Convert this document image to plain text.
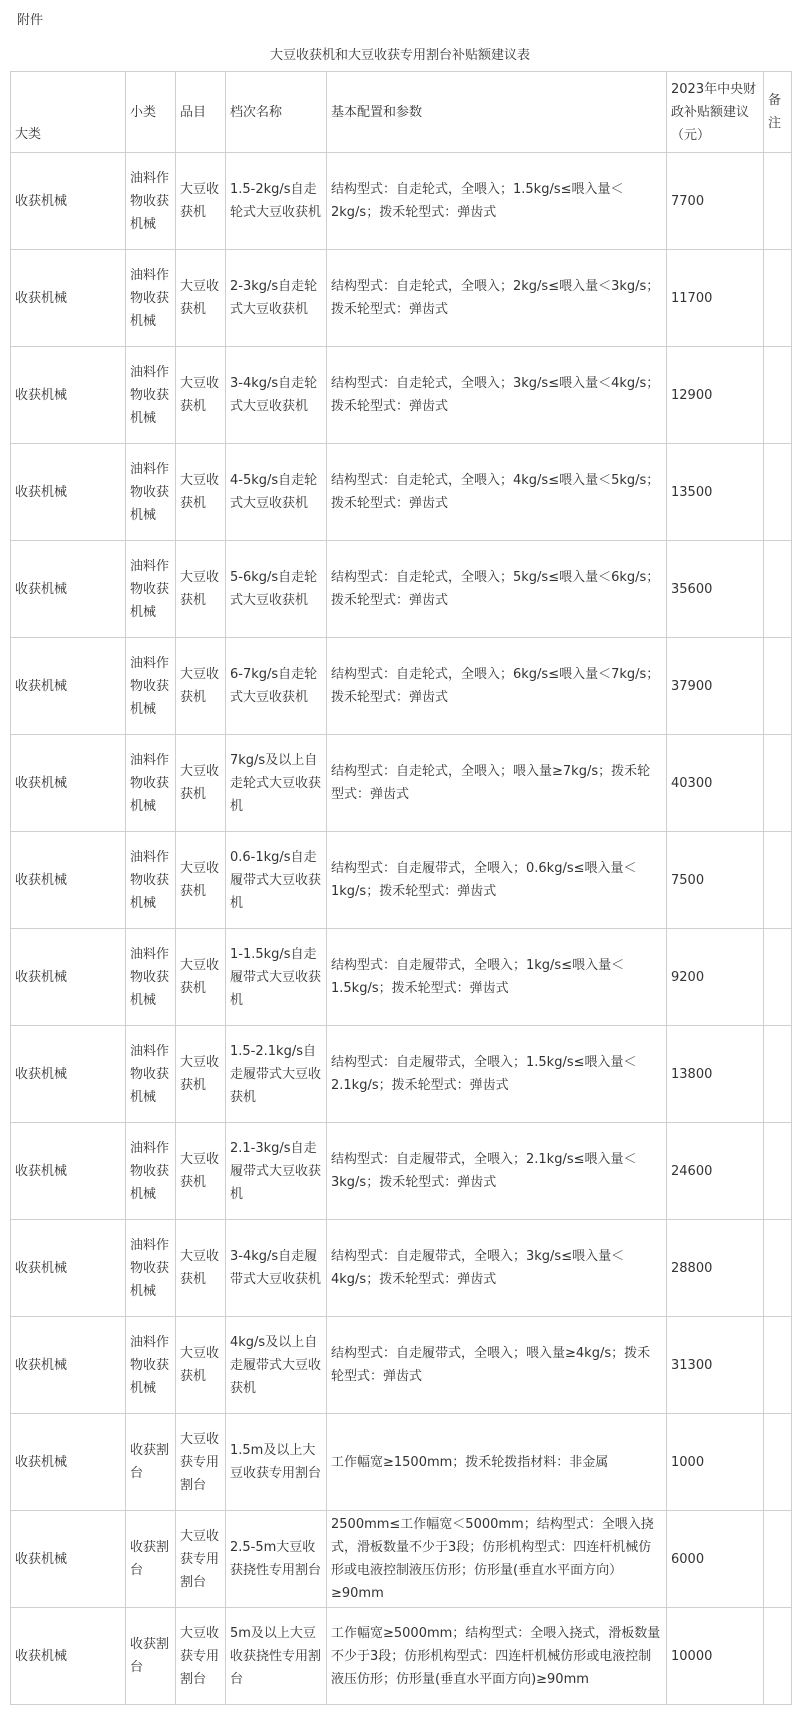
附件
大豆收获机和大豆收获专用割台补贴额建议表
大类	小类	品目	档次名称	基本配置和参数	2023年中央财政补贴额建议（元）	备注
收获机械	油料作物收获机械	大豆收获机	1.5-2kg/s自走轮式大豆收获机	结构型式：自走轮式，全喂入；1.5kg/s≤喂入量＜2kg/s；拨禾轮型式：弹齿式	7700	
收获机械	油料作物收获机械	大豆收获机	2-3kg/s自走轮式大豆收获机	结构型式：自走轮式，全喂入；2kg/s≤喂入量＜3kg/s；拨禾轮型式：弹齿式	11700	
收获机械	油料作物收获机械	大豆收获机	3-4kg/s自走轮式大豆收获机	结构型式：自走轮式，全喂入；3kg/s≤喂入量＜4kg/s；拨禾轮型式：弹齿式	12900	
收获机械	油料作物收获机械	大豆收获机	4-5kg/s自走轮式大豆收获机	结构型式：自走轮式，全喂入；4kg/s≤喂入量＜5kg/s；拨禾轮型式：弹齿式	13500	
收获机械	油料作物收获机械	大豆收获机	5-6kg/s自走轮式大豆收获机	结构型式：自走轮式，全喂入；5kg/s≤喂入量＜6kg/s；拨禾轮型式：弹齿式	35600	
收获机械	油料作物收获机械	大豆收获机	6-7kg/s自走轮式大豆收获机	结构型式：自走轮式，全喂入；6kg/s≤喂入量＜7kg/s；拨禾轮型式：弹齿式	37900	
收获机械	油料作物收获机械	大豆收获机	7kg/s及以上自走轮式大豆收获机	结构型式：自走轮式，全喂入；喂入量≥7kg/s；拨禾轮型式：弹齿式	40300	
收获机械	油料作物收获机械	大豆收获机	0.6-1kg/s自走履带式大豆收获机	结构型式：自走履带式，全喂入；0.6kg/s≤喂入量＜1kg/s；拨禾轮型式：弹齿式	7500	
收获机械	油料作物收获机械	大豆收获机	1-1.5kg/s自走履带式大豆收获机	结构型式：自走履带式，全喂入；1kg/s≤喂入量＜1.5kg/s；拨禾轮型式：弹齿式	9200	
收获机械	油料作物收获机械	大豆收获机	1.5-2.1kg/s自走履带式大豆收获机	结构型式：自走履带式，全喂入；1.5kg/s≤喂入量＜2.1kg/s；拨禾轮型式：弹齿式	13800	
收获机械	油料作物收获机械	大豆收获机	2.1-3kg/s自走履带式大豆收获机	结构型式：自走履带式，全喂入；2.1kg/s≤喂入量＜3kg/s；拨禾轮型式：弹齿式	24600	
收获机械	油料作物收获机械	大豆收获机	3-4kg/s自走履带式大豆收获机	结构型式：自走履带式，全喂入；3kg/s≤喂入量＜4kg/s；拨禾轮型式：弹齿式	28800	
收获机械	油料作物收获机械	大豆收获机	4kg/s及以上自走履带式大豆收获机	结构型式：自走履带式，全喂入；喂入量≥4kg/s；拨禾轮型式：弹齿式	31300	
收获机械	收获割台	大豆收获专用割台	1.5m及以上大豆收获专用割台	工作幅宽≥1500mm；拨禾轮拨指材料：非金属	1000	
收获机械	收获割台	大豆收获专用割台	2.5-5m大豆收获挠性专用割台	2500mm≤工作幅宽＜5000mm；结构型式：全喂入挠式，滑板数量不少于3段；仿形机构型式：四连杆机械仿形或电液控制液压仿形；仿形量(垂直水平面方向）≥90mm	6000	
收获机械	收获割台	大豆收获专用割台	5m及以上大豆收获挠性专用割台	工作幅宽≥5000mm；结构型式：全喂入挠式，滑板数量不少于3段；仿形机构型式：四连杆机械仿形或电液控制液压仿形；仿形量(垂直水平面方向)≥90mm	10000	
